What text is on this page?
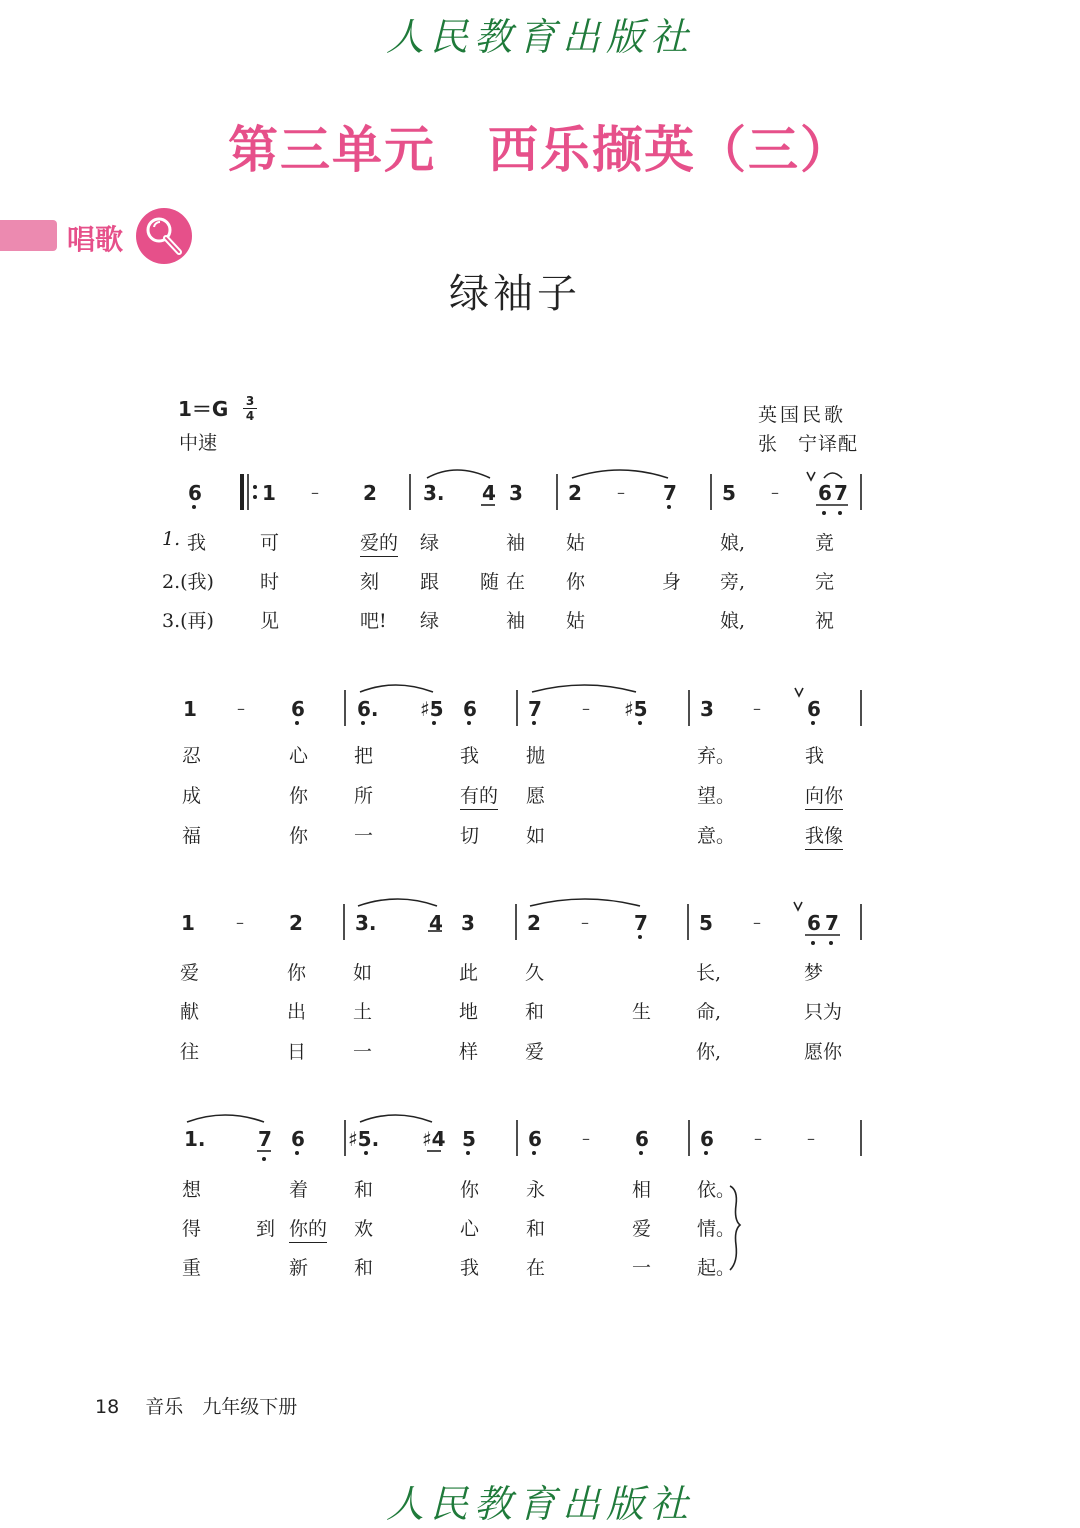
人民教育出版社
第三单元　西乐撷英（三）
唱歌
绿袖子
1＝G 3
4
中速
英国民歌
张　宁译配
6	1 – 2 3. 4 3 2 – 7 5 – 6 7
1. 我	可	爱的 绿	袖 姑	娘,	竟
2.(我) 时	刻 跟 随 在 你	身 旁,	完
3.(再) 见	吧! 绿	袖 姑	娘,	祝
1	– 6	6. ♯5 6	7	– ♯5	3 – 6
忍	心 把	我 抛	弃。	我
成	你 所	有的 愿	望。	向你
福	你 一	切 如	意。	我像
1	– 2	3.	4 3	2	– 7	5	– 6 7
爱	你 如	此 久	长,	梦
献	出 土	地 和	生 命,	只为
往	日 一	样 爱	你,	愿你
1.	7 6 ♯5. ♯4 5	6	– 6	6	–	–
想	着 和	你 永	相 依。
得	到 你的 欢	心 和	爱 情。
重	新 和	我 在	一 起。
18 音乐　九年级下册
人民教育出版社
